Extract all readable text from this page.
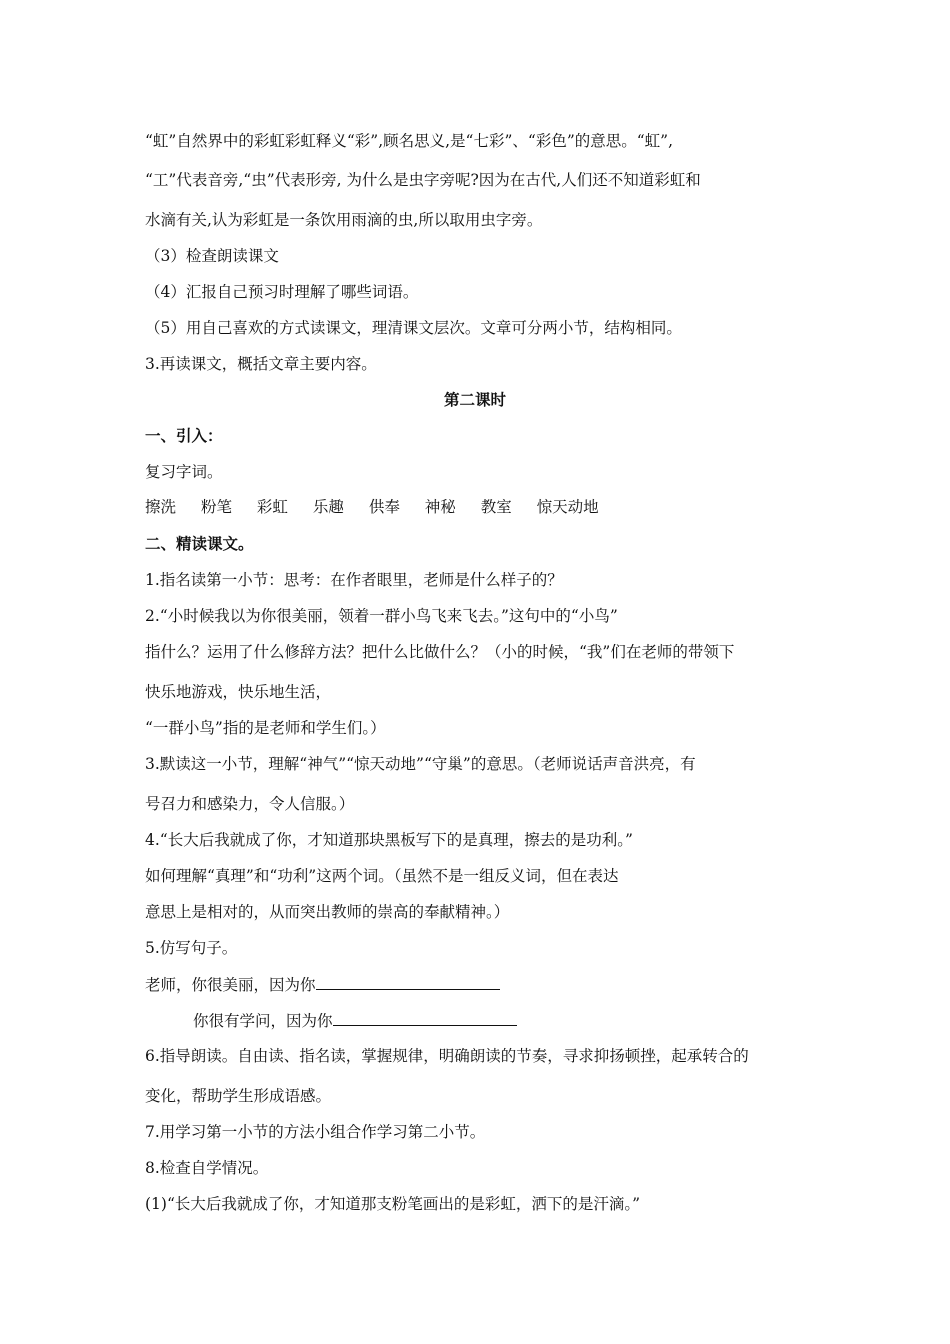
“虹”自然界中的彩虹彩虹释义“彩”,顾名思义,是“七彩”、“彩色”的意思。“虹”,
“工”代表音旁,“虫”代表形旁, 为什么是虫字旁呢?因为在古代,人们还不知道彩虹和
水滴有关,认为彩虹是一条饮用雨滴的虫,所以取用虫字旁。
（3）检查朗读课文
（4）汇报自己预习时理解了哪些词语。
（5）用自己喜欢的方式读课文，理清课文层次。文章可分两小节，结构相同。
3.再读课文，概括文章主要内容。
第二课时
一、引入：
复习字词。
擦洗 粉笔 彩虹 乐趣 供奉 神秘 教室 惊天动地
二、精读课文。
1.指名读第一小节：思考：在作者眼里，老师是什么样子的？
2.“小时候我以为你很美丽，领着一群小鸟飞来飞去。”这句中的“小鸟”
指什么？运用了什么修辞方法？把什么比做什么？（小的时候，“我”们在老师的带领下
快乐地游戏，快乐地生活，
“一群小鸟”指的是老师和学生们。）
3.默读这一小节，理解“神气”“惊天动地”“守巢”的意思。（老师说话声音洪亮，有
号召力和感染力，令人信服。）
4.“长大后我就成了你，才知道那块黑板写下的是真理，擦去的是功利。”
如何理解“真理”和“功利”这两个词。（虽然不是一组反义词，但在表达
意思上是相对的，从而突出教师的崇高的奉献精神。）
5.仿写句子。
老师，你很美丽，因为你
你很有学问，因为你
6.指导朗读。自由读、指名读，掌握规律，明确朗读的节奏，寻求抑扬顿挫，起承转合的
变化，帮助学生形成语感。
7.用学习第一小节的方法小组合作学习第二小节。
8.检查自学情况。
(1)“长大后我就成了你，才知道那支粉笔画出的是彩虹，洒下的是汗滴。”
